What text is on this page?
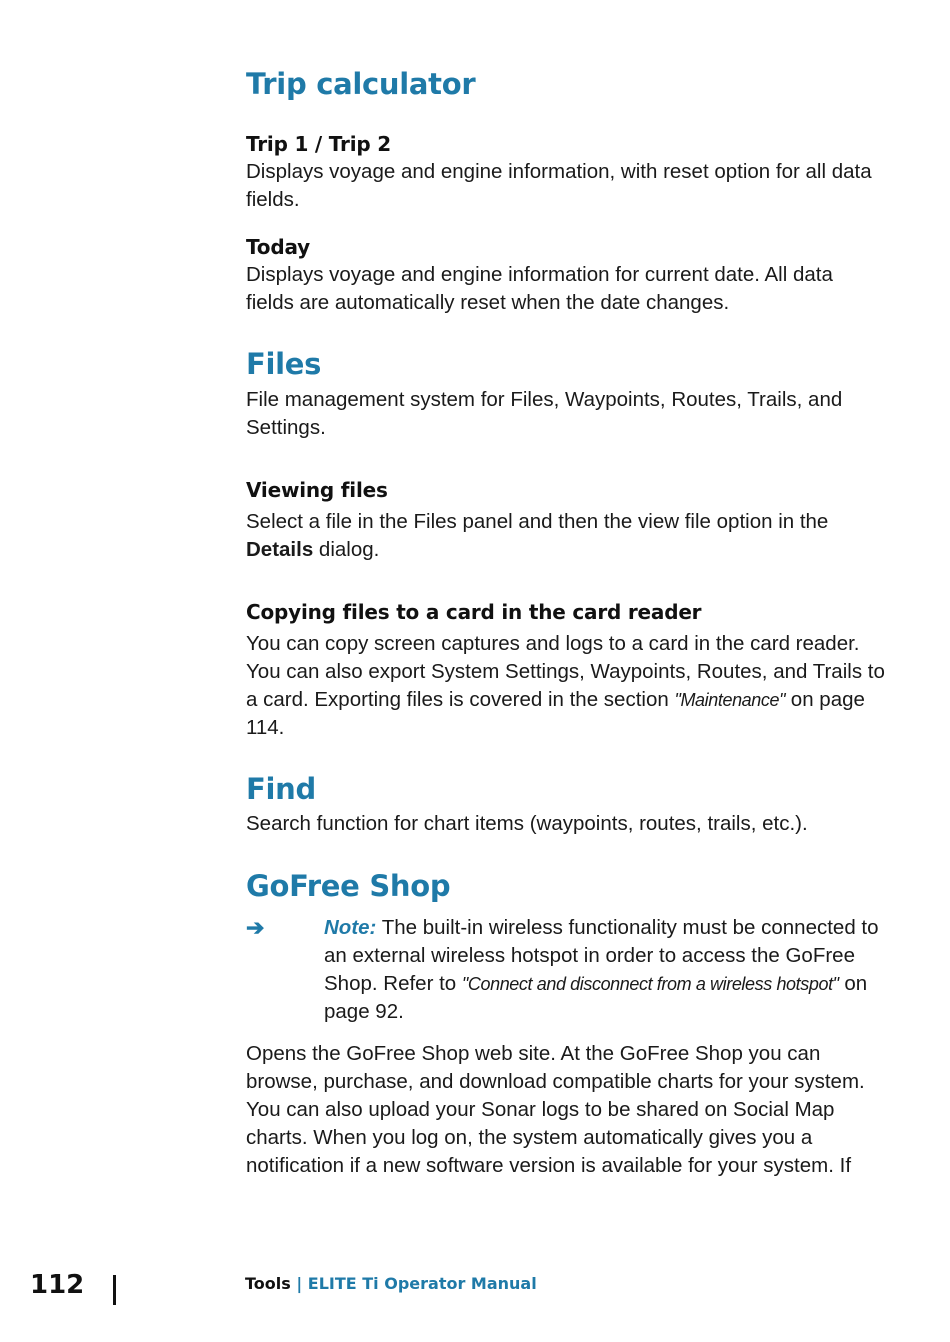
Trip calculator
Trip 1 / Trip 2

Displays voyage and engine information, with reset option for all data fields.

Today

Displays voyage and engine information for current date. All data fields are automatically reset when the date changes.

Files

File management system for Files, Waypoints, Routes, Trails, and Settings.

Viewing files

Select a file in the Files panel and then the view file option in the Details dialog.

Copying files to a card in the card reader

You can copy screen captures and logs to a card in the card reader. You can also export System Settings, Waypoints, Routes, and Trails to a card. Exporting files is covered in the section "Maintenance" on page 114.

Find

Search function for chart items (waypoints, routes, trails, etc.).

GoFree Shop
➔	Note: The built-in wireless functionality must be connected to an external wireless hotspot in order to access the GoFree Shop. Refer to "Connect and disconnect from a wireless hotspot" on page 92.

Opens the GoFree Shop web site. At the GoFree Shop you can browse, purchase, and download compatible charts for your system. You can also upload your Sonar logs to be shared on Social Map charts. When you log on, the system automatically gives you a notification if a new software version is available for your system. If

112	Tools | ELITE Ti Operator Manual
